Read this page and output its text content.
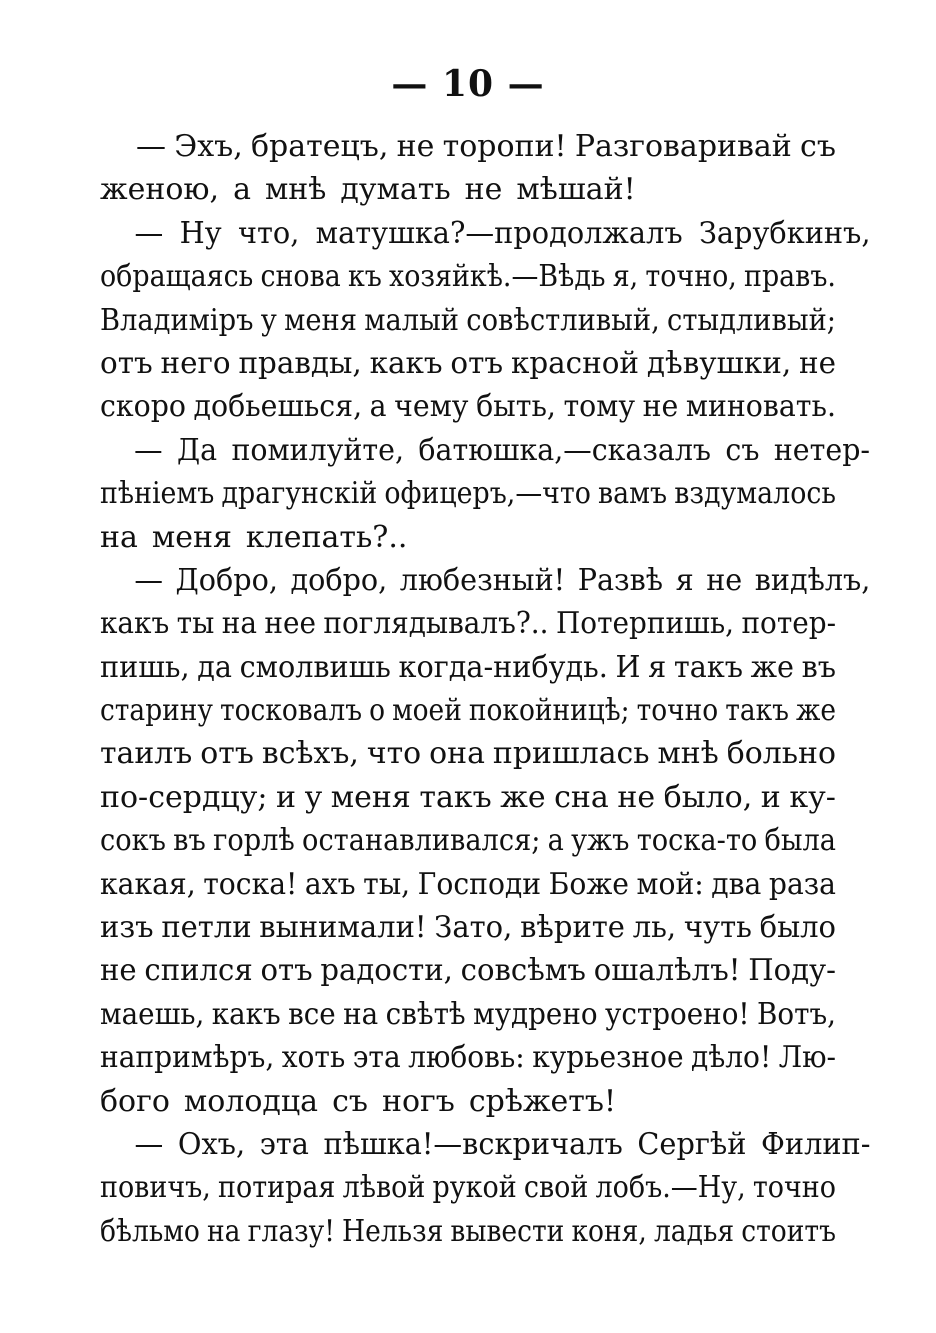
— 10 —
— Эхъ, братецъ, не торопи! Разговаривай съ
женою, а мнѣ думать не мѣшай!
— Ну что, матушка?—продолжалъ Зарубкинъ,
обращаясь снова къ хозяйкѣ.—Вѣдь я, точно, правъ.
Владимiръ у меня малый совѣстливый, стыдливый;
отъ него правды, какъ отъ красной дѣвушки, не
скоро добьешься, а чему быть, тому не миновать.
— Да помилуйте, батюшка,—сказалъ съ нетер-
пѣнiемъ драгунскiй офицеръ,—что вамъ вздумалось
на меня клепать?..
— Добро, добро, любезный! Развѣ я не видѣлъ,
какъ ты на нее поглядывалъ?.. Потерпишь, потер-
пишь, да смолвишь когда-нибудь. И я такъ же въ
старину тосковалъ о моей покойницѣ; точно такъ же
таилъ отъ всѣхъ, что она пришлась мнѣ больно
по-сердцу; и у меня такъ же сна не было, и ку-
сокъ въ горлѣ останавливался; а ужъ тоска-то была
какая, тоска! ахъ ты, Господи Боже мой: два раза
изъ петли вынимали! Зато, вѣрите ль, чуть было
не спился отъ радости, совсѣмъ ошалѣлъ! Поду-
маешь, какъ все на свѣтѣ мудрено устроено! Вотъ,
напримѣръ, хоть эта любовь: курьезное дѣло! Лю-
бого молодца съ ногъ срѣжетъ!
— Охъ, эта пѣшка!—вскричалъ Сергѣй Филип-
повичъ, потирая лѣвой рукой свой лобъ.—Ну, точно
бѣльмо на глазу! Нельзя вывести коня, ладья стоитъ
